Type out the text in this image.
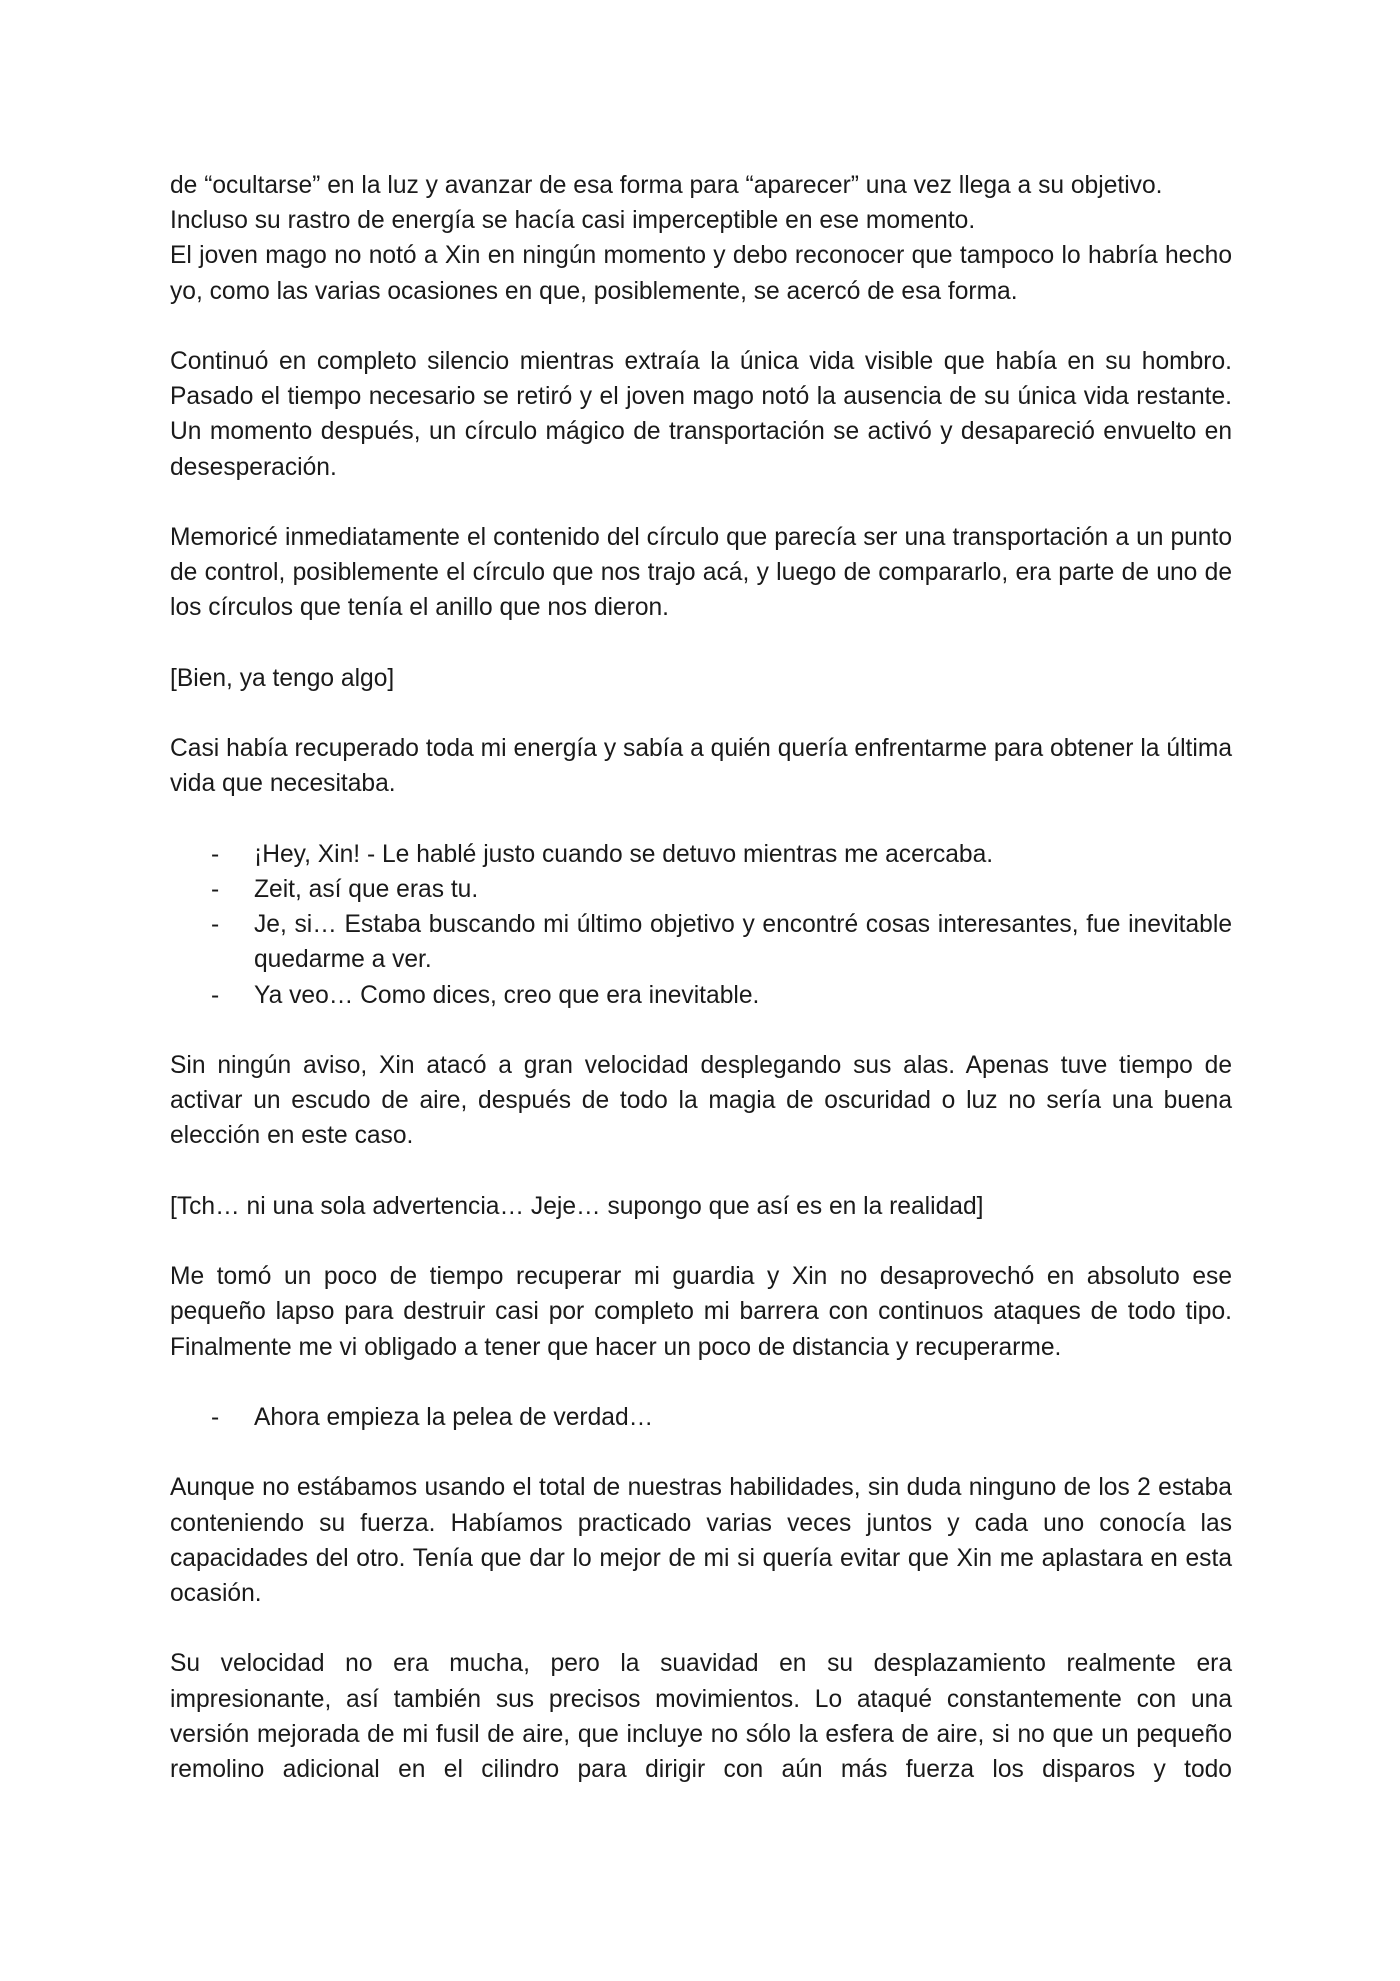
de “ocultarse” en la luz y avanzar de esa forma para “aparecer” una vez llega a su objetivo.

Incluso su rastro de energía se hacía casi imperceptible en ese momento.

El joven mago no notó a Xin en ningún momento y debo reconocer que tampoco lo habría hecho yo, como las varias ocasiones en que, posiblemente, se acercó de esa forma.

Continuó en completo silencio mientras extraía la única vida visible que había en su hombro. Pasado el tiempo necesario se retiró y el joven mago notó la ausencia de su única vida restante. Un momento después, un círculo mágico de transportación se activó y desapareció envuelto en desesperación.

Memoricé inmediatamente el contenido del círculo que parecía ser una transportación a un punto de control, posiblemente el círculo que nos trajo acá, y luego de compararlo, era parte de uno de los círculos que tenía el anillo que nos dieron.

[Bien, ya tengo algo]

Casi había recuperado toda mi energía y sabía a quién quería enfrentarme para obtener la última vida que necesitaba.

- ¡Hey, Xin! - Le hablé justo cuando se detuvo mientras me acercaba.

- Zeit, así que eras tu.

- Je, si… Estaba buscando mi último objetivo y encontré cosas interesantes, fue inevitable quedarme a ver.

- Ya veo… Como dices, creo que era inevitable.

Sin ningún aviso, Xin atacó a gran velocidad desplegando sus alas. Apenas tuve tiempo de activar un escudo de aire, después de todo la magia de oscuridad o luz no sería una buena elección en este caso.

[Tch… ni una sola advertencia… Jeje… supongo que así es en la realidad]

Me tomó un poco de tiempo recuperar mi guardia y Xin no desaprovechó en absoluto ese pequeño lapso para destruir casi por completo mi barrera con continuos ataques de todo tipo. Finalmente me vi obligado a tener que hacer un poco de distancia y recuperarme.

- Ahora empieza la pelea de verdad…

Aunque no estábamos usando el total de nuestras habilidades, sin duda ninguno de los 2 estaba conteniendo su fuerza. Habíamos practicado varias veces juntos y cada uno conocía las capacidades del otro. Tenía que dar lo mejor de mi si quería evitar que Xin me aplastara en esta ocasión.

Su velocidad no era mucha, pero la suavidad en su desplazamiento realmente era impresionante, así también sus precisos movimientos. Lo ataqué constantemente con una versión mejorada de mi fusil de aire, que incluye no sólo la esfera de aire, si no que un pequeño remolino adicional en el cilindro para dirigir con aún más fuerza los disparos y todo
